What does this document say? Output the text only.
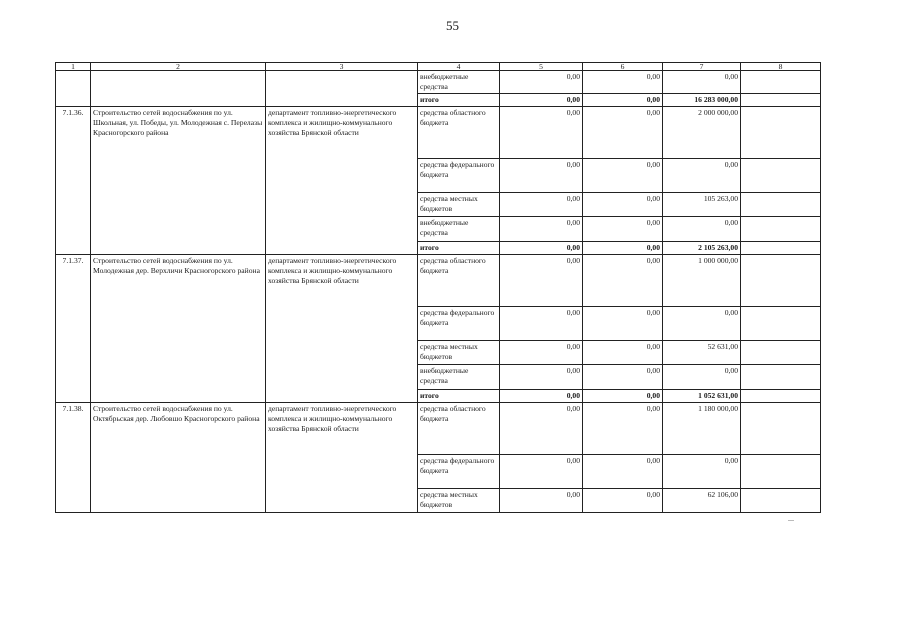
55
1	2	3	4	5	6	7	8
			внебюджетные средства	0,00	0,00	0,00	
			итого	0,00	0,00	16 283 000,00	
7.1.36.	Строительство сетей водоснабжения по ул. Школьная, ул. Победы, ул. Молодежная с. Перелазы Красногорского района	департамент топливно-энергетического комплекса и жилищно-коммунального хозяйства Брянской области	средства областного бюджета	0,00	0,00	2 000 000,00	
			средства федерального бюджета	0,00	0,00	0,00	
			средства местных бюджетов	0,00	0,00	105 263,00	
			внебюджетные средства	0,00	0,00	0,00	
			итого	0,00	0,00	2 105 263,00	
7.1.37.	Строительство сетей водоснабжения по ул. Молодежная дер. Верхличи Красногорского района	департамент топливно-энергетического комплекса и жилищно-коммунального хозяйства Брянской области	средства областного бюджета	0,00	0,00	1 000 000,00	
			средства федерального бюджета	0,00	0,00	0,00	
			средства местных бюджетов	0,00	0,00	52 631,00	
			внебюджетные средства	0,00	0,00	0,00	
			итого	0,00	0,00	1 052 631,00	
7.1.38.	Строительство сетей водоснабжения по ул. Октябрьская дер. Любовшо Красногорского района	департамент топливно-энергетического комплекса и жилищно-коммунального хозяйства Брянской области	средства областного бюджета	0,00	0,00	1 180 000,00	
			средства федерального бюджета	0,00	0,00	0,00	
			средства местных бюджетов	0,00	0,00	62 106,00	
